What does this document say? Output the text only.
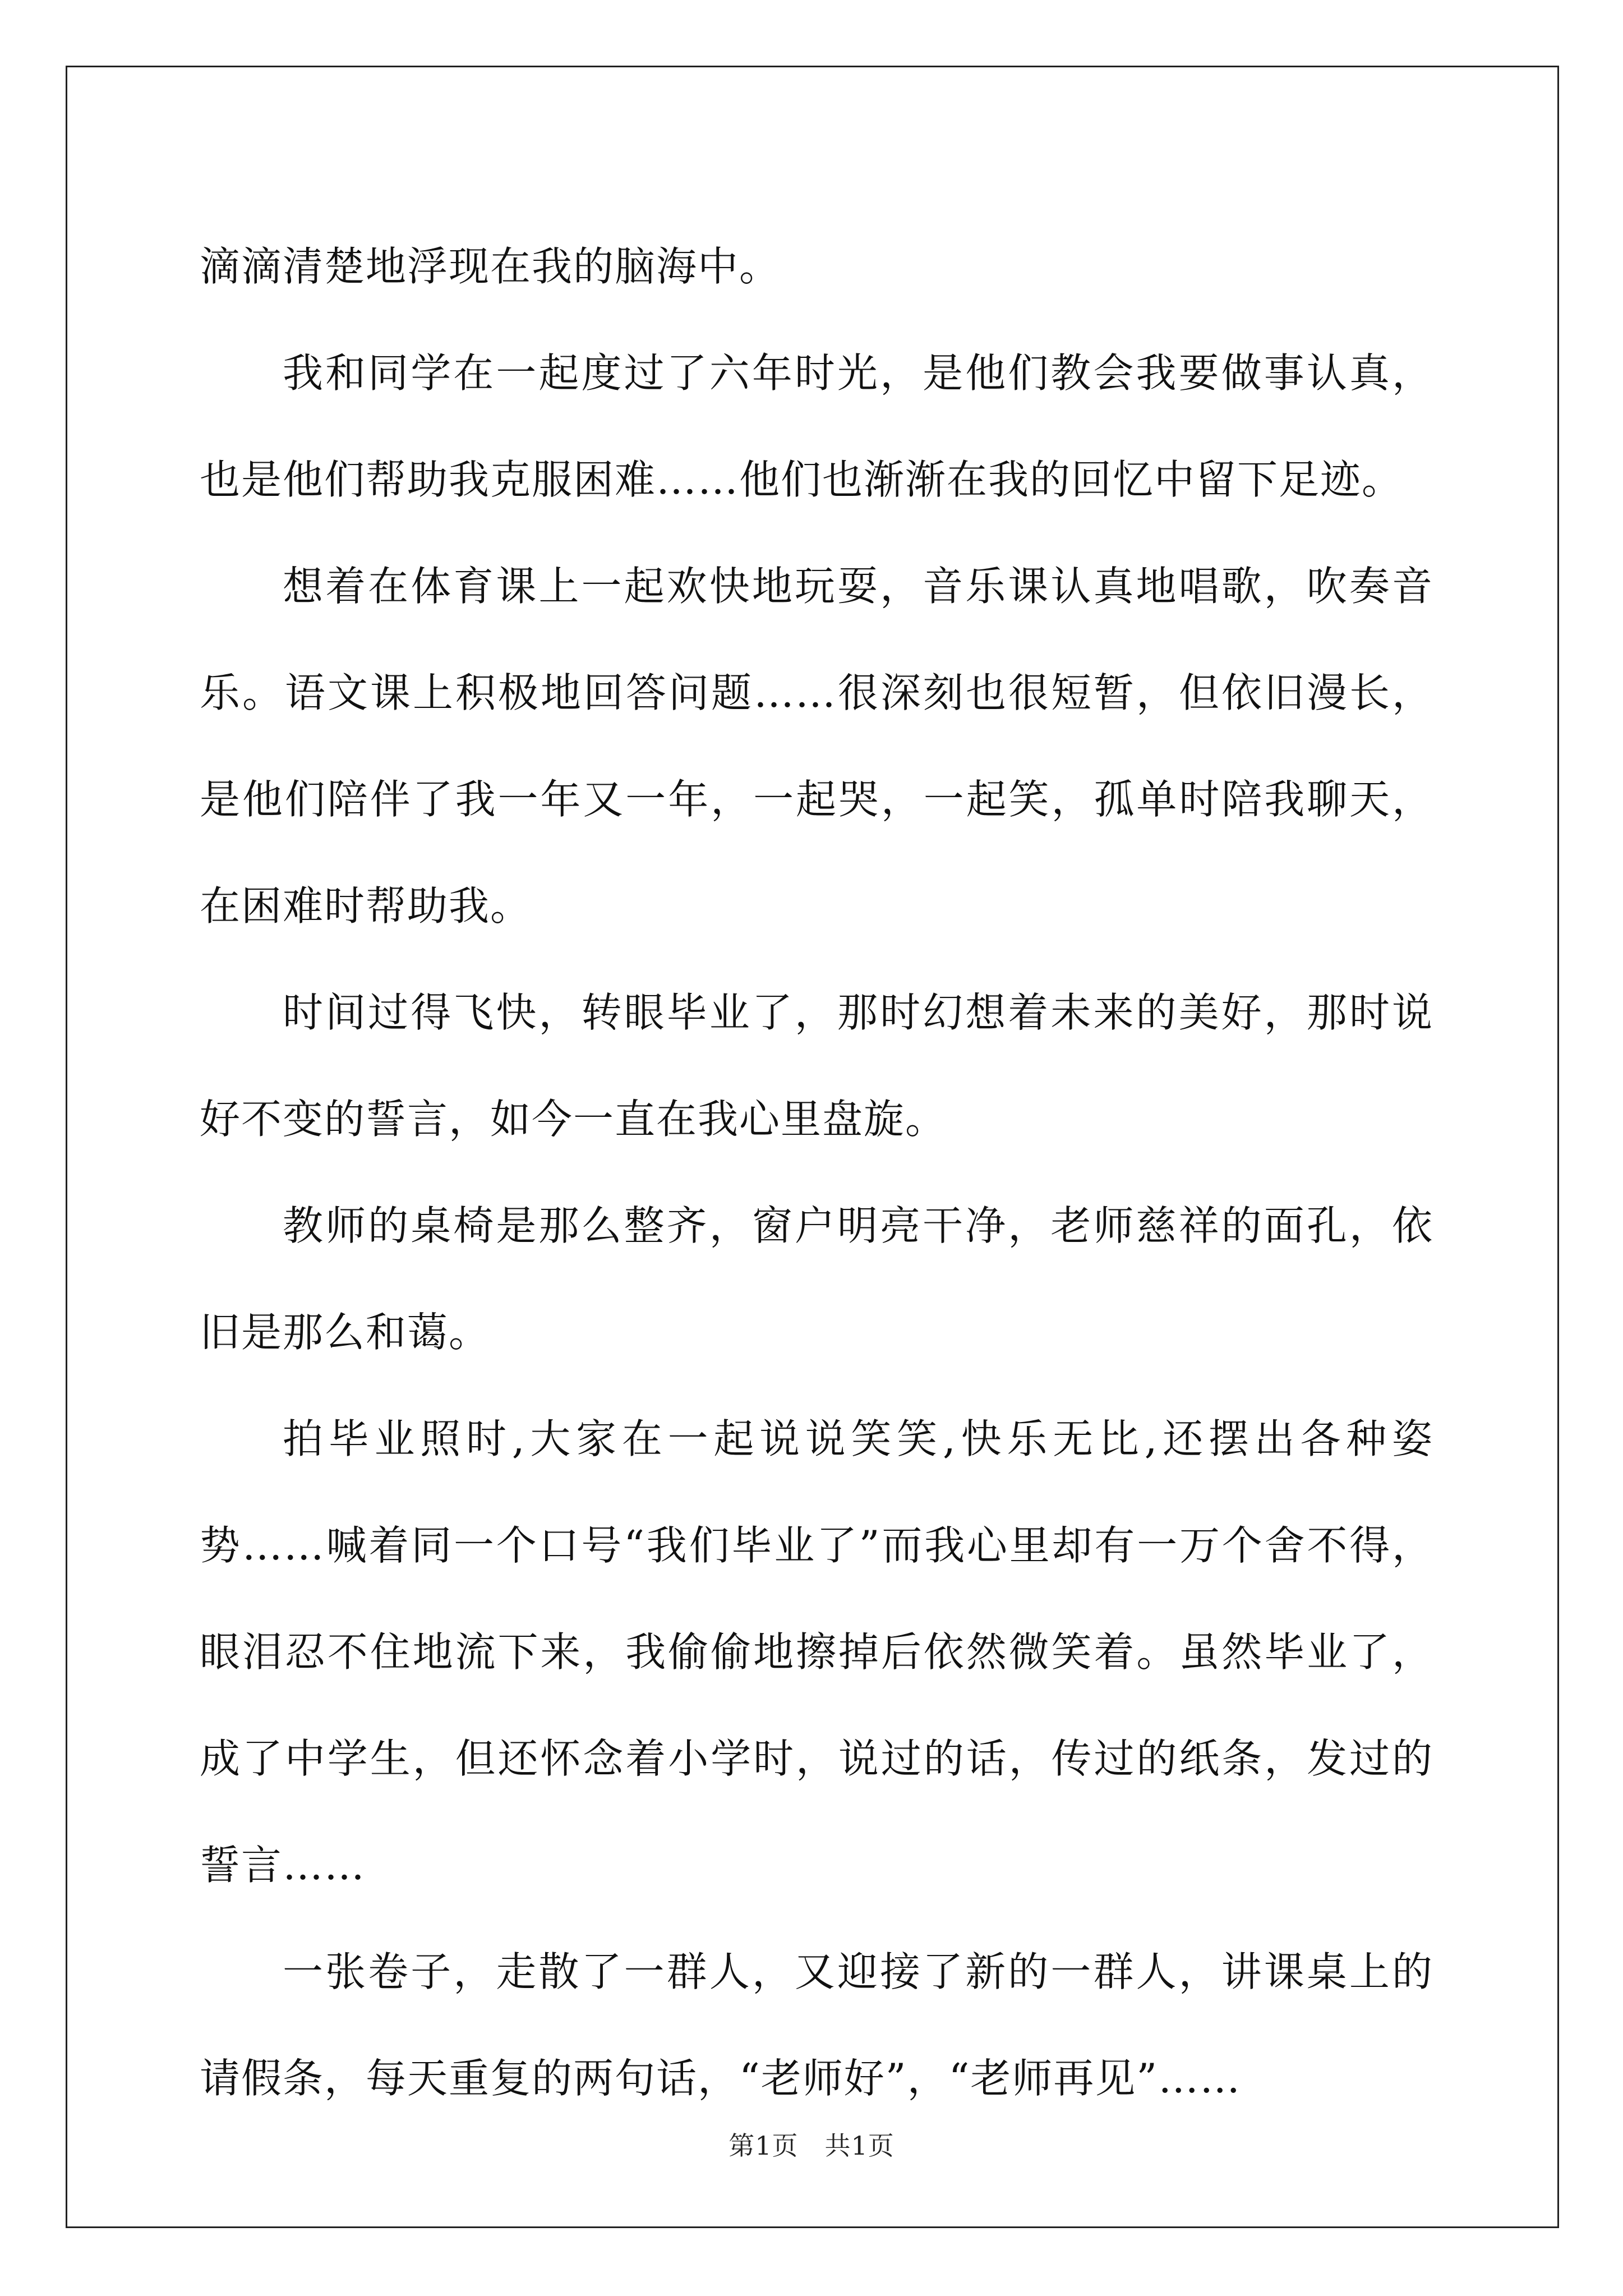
滴滴清楚地浮现在我的脑海中。

我和同学在一起度过了六年时光，是他们教会我要做事认真，也是他们帮助我克服困难……他们也渐渐在我的回忆中留下足迹。

想着在体育课上一起欢快地玩耍，音乐课认真地唱歌，吹奏音乐。语文课上积极地回答问题……很深刻也很短暂，但依旧漫长，是他们陪伴了我一年又一年，一起哭，一起笑，孤单时陪我聊天，在困难时帮助我。

时间过得飞快，转眼毕业了，那时幻想着未来的美好，那时说好不变的誓言，如今一直在我心里盘旋。

教师的桌椅是那么整齐，窗户明亮干净，老师慈祥的面孔，依旧是那么和蔼。

拍毕业照时,大家在一起说说笑笑,快乐无比,还摆出各种姿势……喊着同一个口号“我们毕业了”而我心里却有一万个舍不得，眼泪忍不住地流下来，我偷偷地擦掉后依然微笑着。虽然毕业了，成了中学生，但还怀念着小学时，说过的话，传过的纸条，发过的誓言……

一张卷子，走散了一群人，又迎接了新的一群人，讲课桌上的请假条，每天重复的两句话，“老师好”，“老师再见”……

第1页　共1页
